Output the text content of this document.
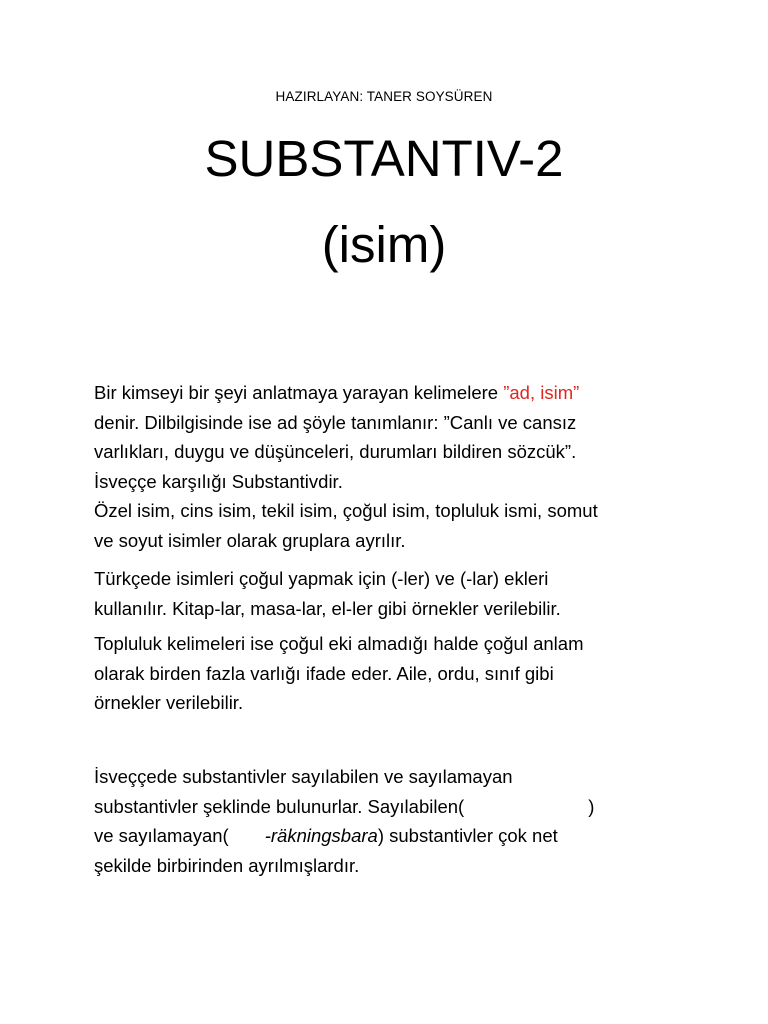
HAZIRLAYAN: TANER SOYSÜREN
SUBSTANTIV-2
(isim)
Bir kimseyi bir şeyi anlatmaya yarayan kelimelere ”ad, isim”
denir. Dilbilgisinde ise ad şöyle tanımlanır: ”Canlı ve cansız
varlıkları, duygu ve düşünceleri, durumları bildiren sözcük”.
İsveççe karşılığı Substantivdir.
Özel isim, cins isim, tekil isim, çoğul isim, topluluk ismi, somut
ve soyut isimler olarak gruplara ayrılır.
Türkçede isimleri çoğul yapmak için (-ler) ve (-lar) ekleri
kullanılır. Kitap-lar, masa-lar, el-ler gibi örnekler verilebilir.
Topluluk kelimeleri ise çoğul eki almadığı halde çoğul anlam
olarak birden fazla varlığı ifade eder. Aile, ordu, sınıf gibi
örnekler verilebilir.
İsveççede substantivler sayılabilen ve sayılamayan
substantivler şeklinde bulunurlar. Sayılabilen(	)
ve sayılamayan( -räkningsbara) substantivler çok net
şekilde birbirinden ayrılmışlardır.
